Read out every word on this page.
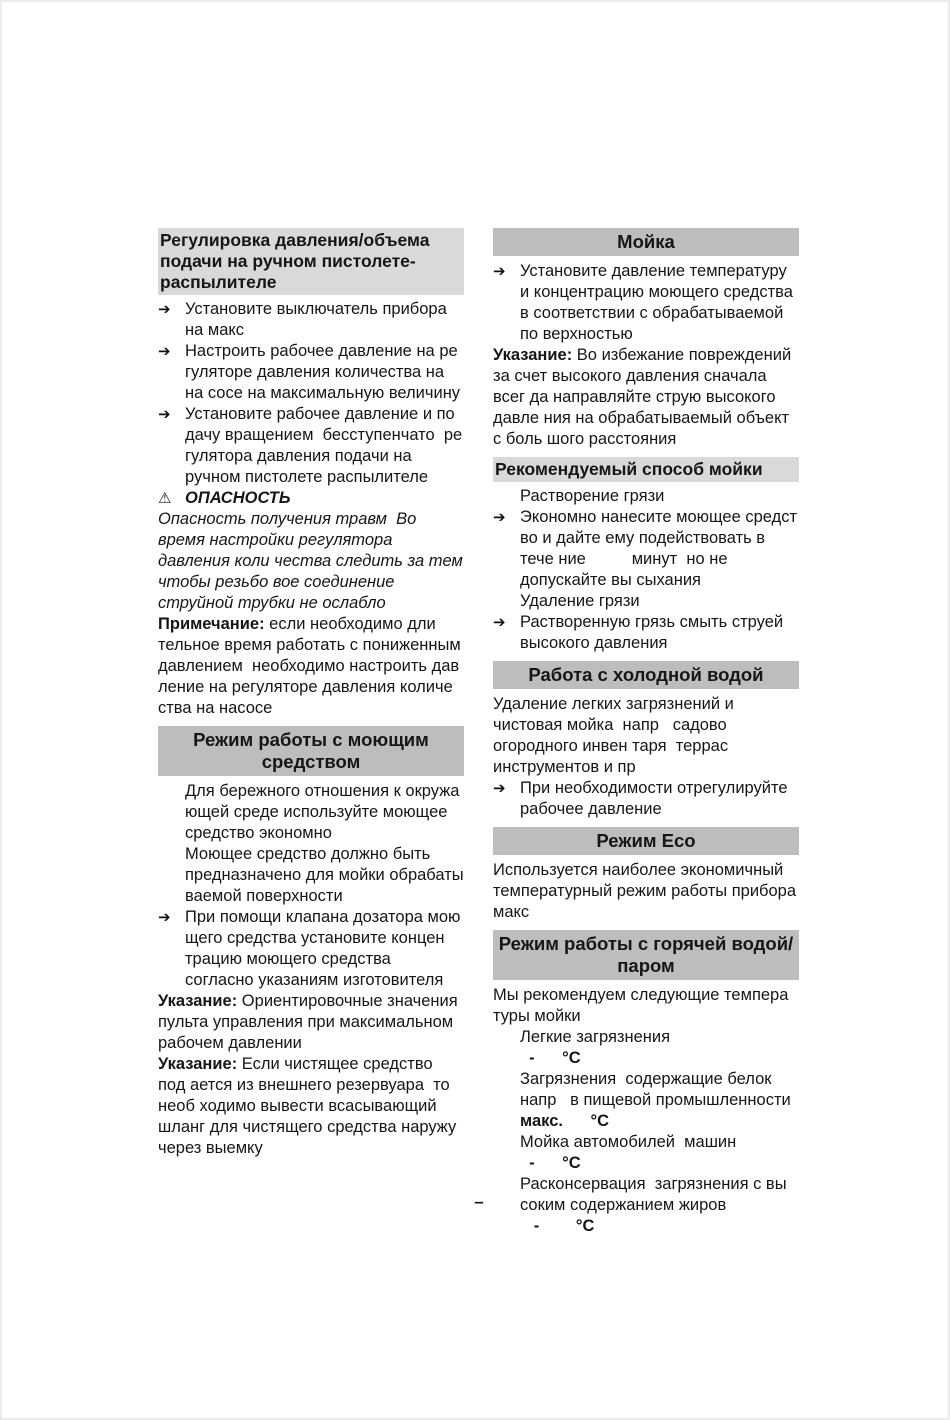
Регулировка давления/объема подачи на ручном пистолете-распылителе
➔ Установите выключатель прибора на макс
➔ Настроить рабочее давление на ре гуляторе давления количества на на сосе на максимальную величину
➔ Установите рабочее давление и по дачу вращением  бесступенчато  ре гулятора давления подачи на ручном пистолете распылителе
⚠ ОПАСНОСТЬ

Опасность получения травм  Во время настройки регулятора давления коли чества следить за тем  чтобы резьбо вое соединение струйной трубки не ослабло

Примечание: если необходимо дли тельное время работать с пониженным давлением  необходимо настроить дав ление на регуляторе давления количе ства на насосе

Режим работы с моющим средством

Для бережного отношения к окружа ющей среде используйте моющее средство экономно

Моющее средство должно быть предназначено для мойки обрабаты ваемой поверхности

➔ При помощи клапана дозатора мою щего средства установите концен трацию моющего средства  согласно указаниям изготовителя

Указание: Ориентировочные значения пульта управления при максимальном рабочем давлении

Указание: Если чистящее средство под ается из внешнего резервуара  то необ ходимо вывести всасывающий шланг для чистящего средства наружу через выемку

Мойка
➔ Установите давление температуру и концентрацию моющего средства в соответствии с обрабатываемой по верхностью

Указание: Во избежание повреждений за счет высокого давления сначала всег да направляйте струю высокого давле ния на обрабатываемый объект с боль шого расстояния

Рекомендуемый способ мойки

Растворение грязи

➔ Экономно нанесите моющее средст во и дайте ему подействовать в тече ние          минут  но не допускайте вы сыхания

Удаление грязи

➔ Растворенную грязь смыть струей высокого давления
Работа с холодной водой

Удаление легких загрязнений и чистовая мойка  напр   садово огородного инвен таря  террас  инструментов и пр

➔ При необходимости отрегулируйте рабочее давление
Режим Eco

Используется наиболее экономичный температурный режим работы прибора  макс

Режим работы с горячей водой/ паром

Мы рекомендуем следующие темпера туры мойки

Легкие загрязнения

-      °C

Загрязнения  содержащие белок напр   в пищевой промышленности

макс.      °C

Мойка автомобилей  машин

-      °C

Расконсервация  загрязнения с вы соким содержанием жиров

-        °C

–
